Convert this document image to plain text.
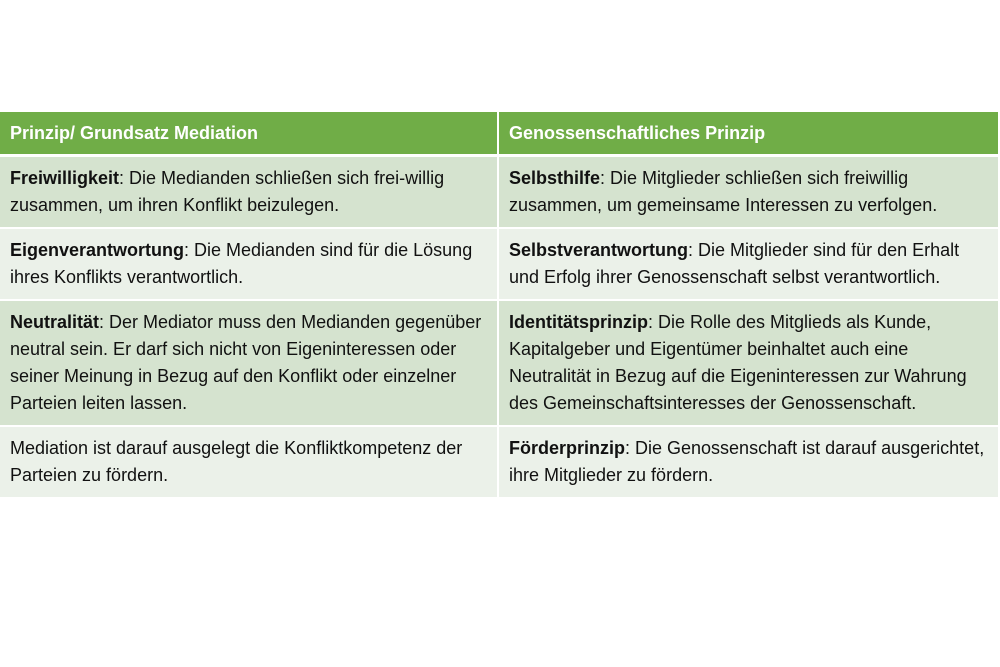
Prinzip/ Grundsatz Mediation	Genossenschaftliches Prinzip
Freiwilligkeit: Die Medianden schließen sich frei-willig zusammen, um ihren Konflikt beizulegen.	Selbsthilfe: Die Mitglieder schließen sich freiwillig zusammen, um gemeinsame Interessen zu verfolgen.
Eigenverantwortung: Die Medianden sind für die Lösung ihres Konflikts verantwortlich.	Selbstverantwortung: Die Mitglieder sind für den Erhalt und Erfolg ihrer Genossenschaft selbst verantwortlich.
Neutralität: Der Mediator muss den Medianden gegenüber neutral sein. Er darf sich nicht von Eigeninteressen oder seiner Meinung in Bezug auf den Konflikt oder einzelner Parteien leiten lassen.	Identitätsprinzip: Die Rolle des Mitglieds als Kunde, Kapitalgeber und Eigentümer beinhaltet auch eine Neutralität in Bezug auf die Eigeninteressen zur Wahrung des Gemeinschaftsinteresses der Genossenschaft.
Mediation ist darauf ausgelegt die Konfliktkompetenz der Parteien zu fördern.	Förderprinzip: Die Genossenschaft ist darauf ausgerichtet, ihre Mitglieder zu fördern.
